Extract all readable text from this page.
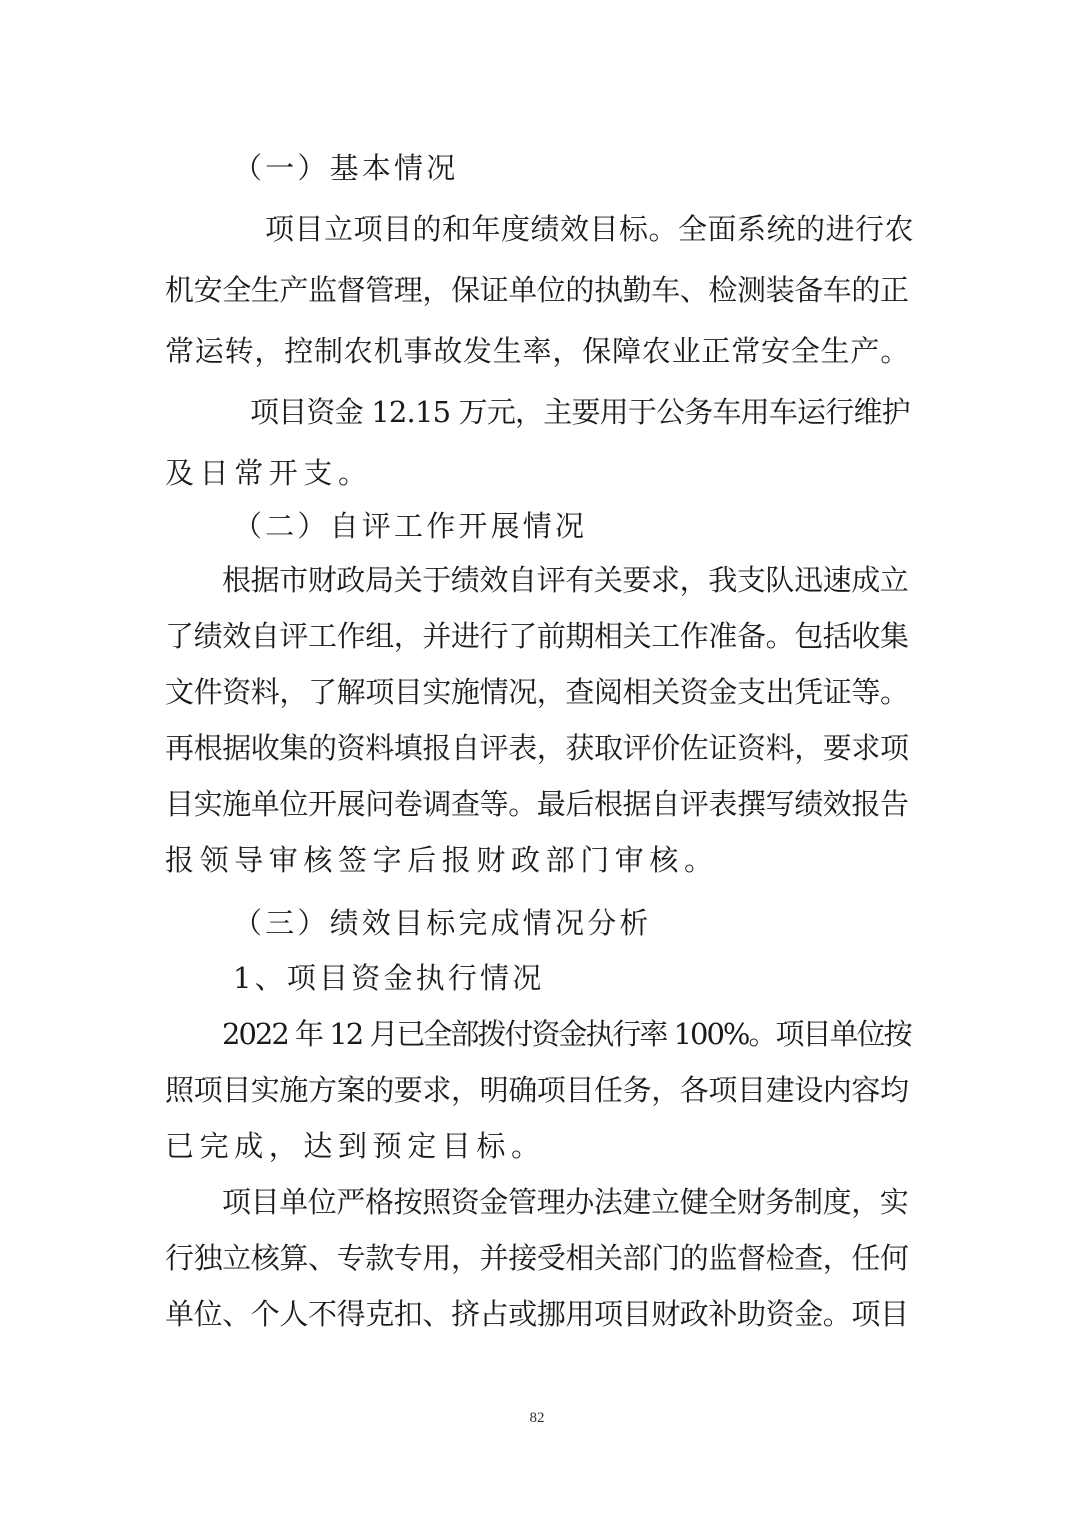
（一）基本情况
项目立项目的和年度绩效目标。全面系统的进行农
机安全生产监督管理，保证单位的执勤车、检测装备车的正
常运转，控制农机事故发生率，保障农业正常安全生产。
项目资金 12.15 万元，主要用于公务车用车运行维护
及日常开支。
（二）自评工作开展情况
根据市财政局关于绩效自评有关要求，我支队迅速成立
了绩效自评工作组，并进行了前期相关工作准备。包括收集
文件资料，了解项目实施情况，查阅相关资金支出凭证等。
再根据收集的资料填报自评表，获取评价佐证资料，要求项
目实施单位开展问卷调查等。最后根据自评表撰写绩效报告
报领导审核签字后报财政部门审核。
（三）绩效目标完成情况分析
1、项目资金执行情况
2022 年 12 月已全部拨付资金执行率 100%。项目单位按
照项目实施方案的要求，明确项目任务，各项目建设内容均
已完成，达到预定目标。
项目单位严格按照资金管理办法建立健全财务制度，实
行独立核算、专款专用，并接受相关部门的监督检查，任何
单位、个人不得克扣、挤占或挪用项目财政补助资金。项目
82
